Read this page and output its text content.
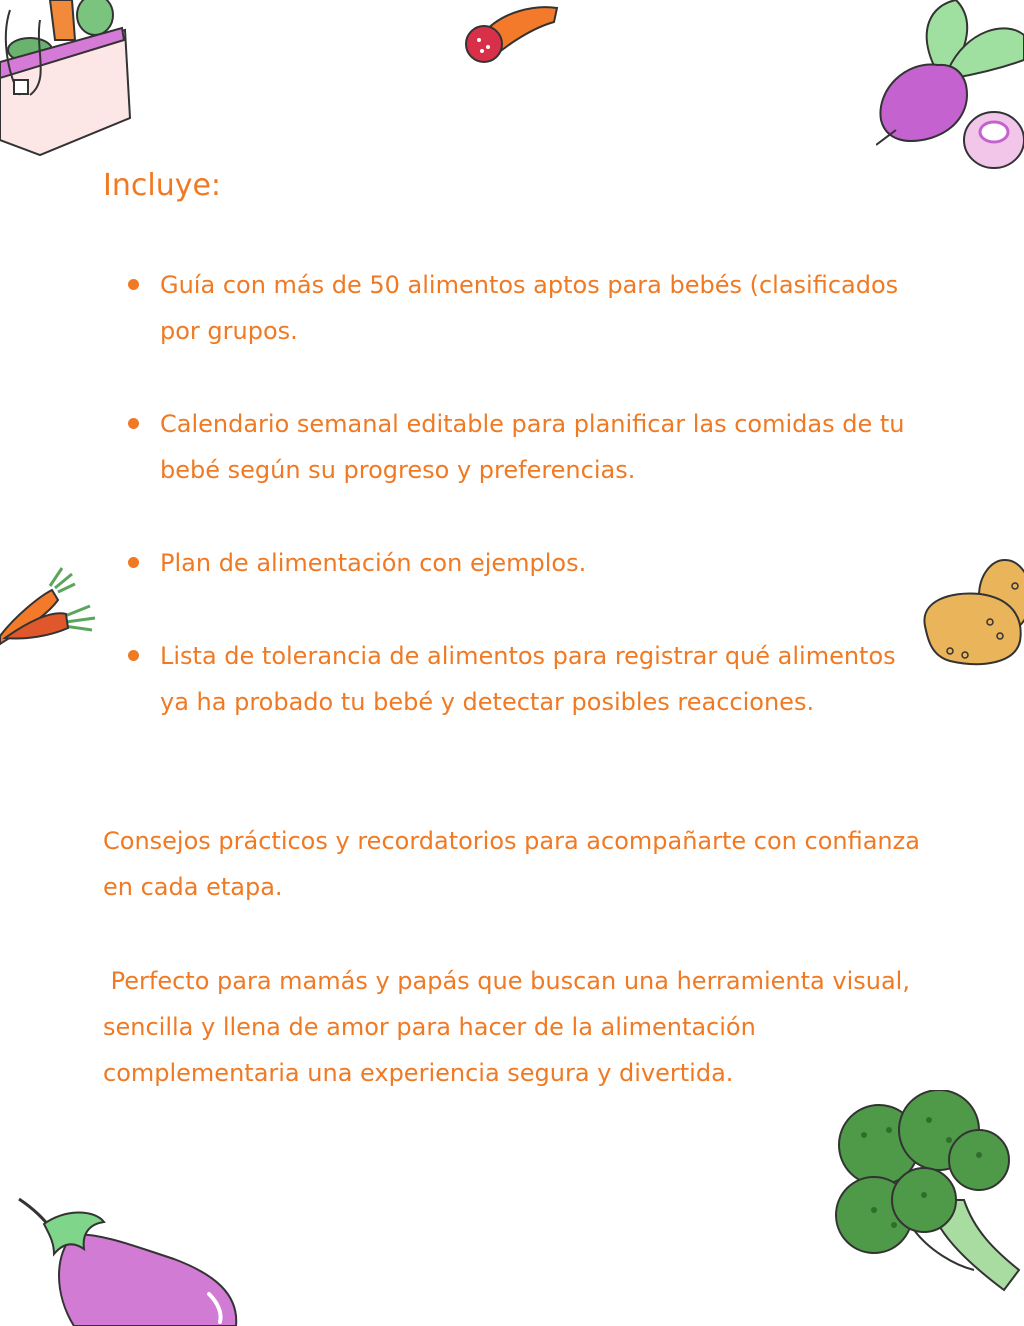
Incluye:
Guía con más de 50 alimentos aptos para bebés (clasificados por grupos.
Calendario semanal editable para planificar las comidas de tu bebé según su progreso y preferencias.
Plan de alimentación con ejemplos.
Lista de tolerancia de alimentos para registrar qué alimentos ya ha probado tu bebé y detectar posibles reacciones.

Consejos prácticos y recordatorios para acompañarte con confianza en cada etapa.

Perfecto para mamás y papás que buscan una herramienta visual, sencilla y llena de amor para hacer de la alimentación complementaria una experiencia segura y divertida.
